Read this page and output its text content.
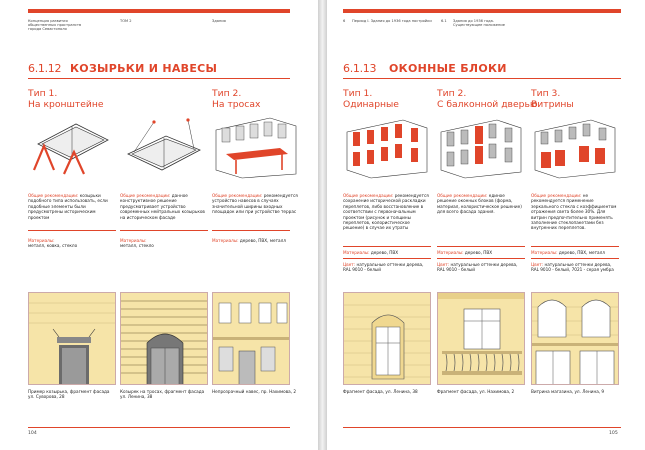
Концепция развития
общественных пространств
города Севастополя
ТОМ 2	Здания
6.1.12 КОЗЫРЬКИ И НАВЕСЫ
Тип 1.
На кронштейне
Общие рекомендации: козырьки подобного типа использовать, если подобные элементы были предусмотрены историческим проектом
Материалы:
металл, ковка, стекло
Пример козырька, фрагмент фасада ул. Суворова, 28
Общие рекомендации: данное конструктивное решение предусматривает устройство современных нейтральных козырьков на историческом фасаде
Материалы:
металл, стекло
Козырек на тросах, фрагмент фасада ул. Ленина, 38
Тип 2.
На тросах
Общие рекомендации: рекомендуется устройство навесов в случаях значительной ширины входных площадок или при устройстве террас
Материалы: дерево, ПВХ, металл
Непрозрачный навес, пр. Нахимова, 2
104
6 Период I. Здания до 1936 года постройки	6.1 Здания до 1936 года. Существующее положение
6.1.13 ОКОННЫЕ БЛОКИ
Тип 1.
Одинарные
Общие рекомендации: рекомендуется сохранение исторической раскладки переплетов, либо восстановление в соответствии с первоначальным проектом (рисунок и толщины переплетов, колористическое решение) в случае их утраты
Материалы: дерево, ПВХ
Цвет: натуральные оттенки дерева, RAL 9010 - белый
Фрагмент фасада, ул. Ленина, 38
Тип 2.
С балконной дверью
Общие рекомендации: единое решение оконных блоков (форма, материал, колористическое решение) для всего фасада здания.
Материалы: дерево, ПВХ
Цвет: натуральные оттенки дерева, RAL 9010 - белый
Фрагмент фасада, ул. Нахимова, 2
Тип 3.
Витрины
Общие рекомендации: не рекомендуется применение зеркального стекла с коэффициентом отражения света более 30%. Для витрин предпочтительно применять заполнение стеклопакетами без внутренних переплетов.
Материалы: дерево, ПВХ, металл
Цвет: натуральные оттенки дерева, RAL 9010 - белый, 7021 - серая умбра
Витрина магазина, ул. Ленина, 9
105
